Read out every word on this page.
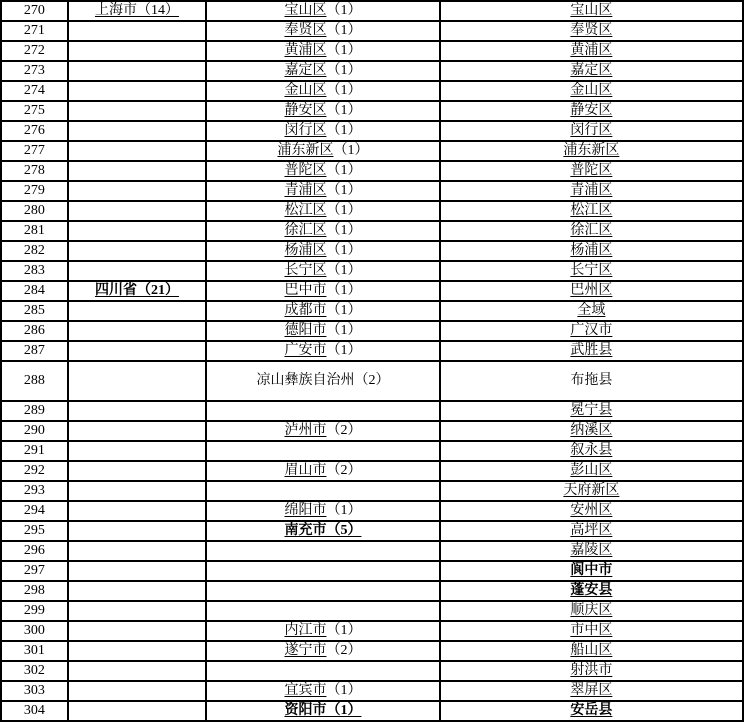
270	上海市（14）	宝山区（1）	宝山区
271		奉贤区（1）	奉贤区
272		黄浦区（1）	黄浦区
273		嘉定区（1）	嘉定区
274		金山区（1）	金山区
275		静安区（1）	静安区
276		闵行区（1）	闵行区
277		浦东新区（1）	浦东新区
278		普陀区（1）	普陀区
279		青浦区（1）	青浦区
280		松江区（1）	松江区
281		徐汇区（1）	徐汇区
282		杨浦区（1）	杨浦区
283		长宁区（1）	长宁区
284	四川省（21）	巴中市（1）	巴州区
285		成都市（1）	全域
286		德阳市（1）	广汉市
287		广安市（1）	武胜县
288		凉山彝族自治州（2）	布拖县
289			冕宁县
290		泸州市（2）	纳溪区
291			叙永县
292		眉山市（2）	彭山区
293			天府新区
294		绵阳市（1）	安州区
295		南充市（5）	高坪区
296			嘉陵区
297			阆中市
298			蓬安县
299			顺庆区
300		内江市（1）	市中区
301		遂宁市（2）	船山区
302			射洪市
303		宜宾市（1）	翠屏区
304		资阳市（1）	安岳县
